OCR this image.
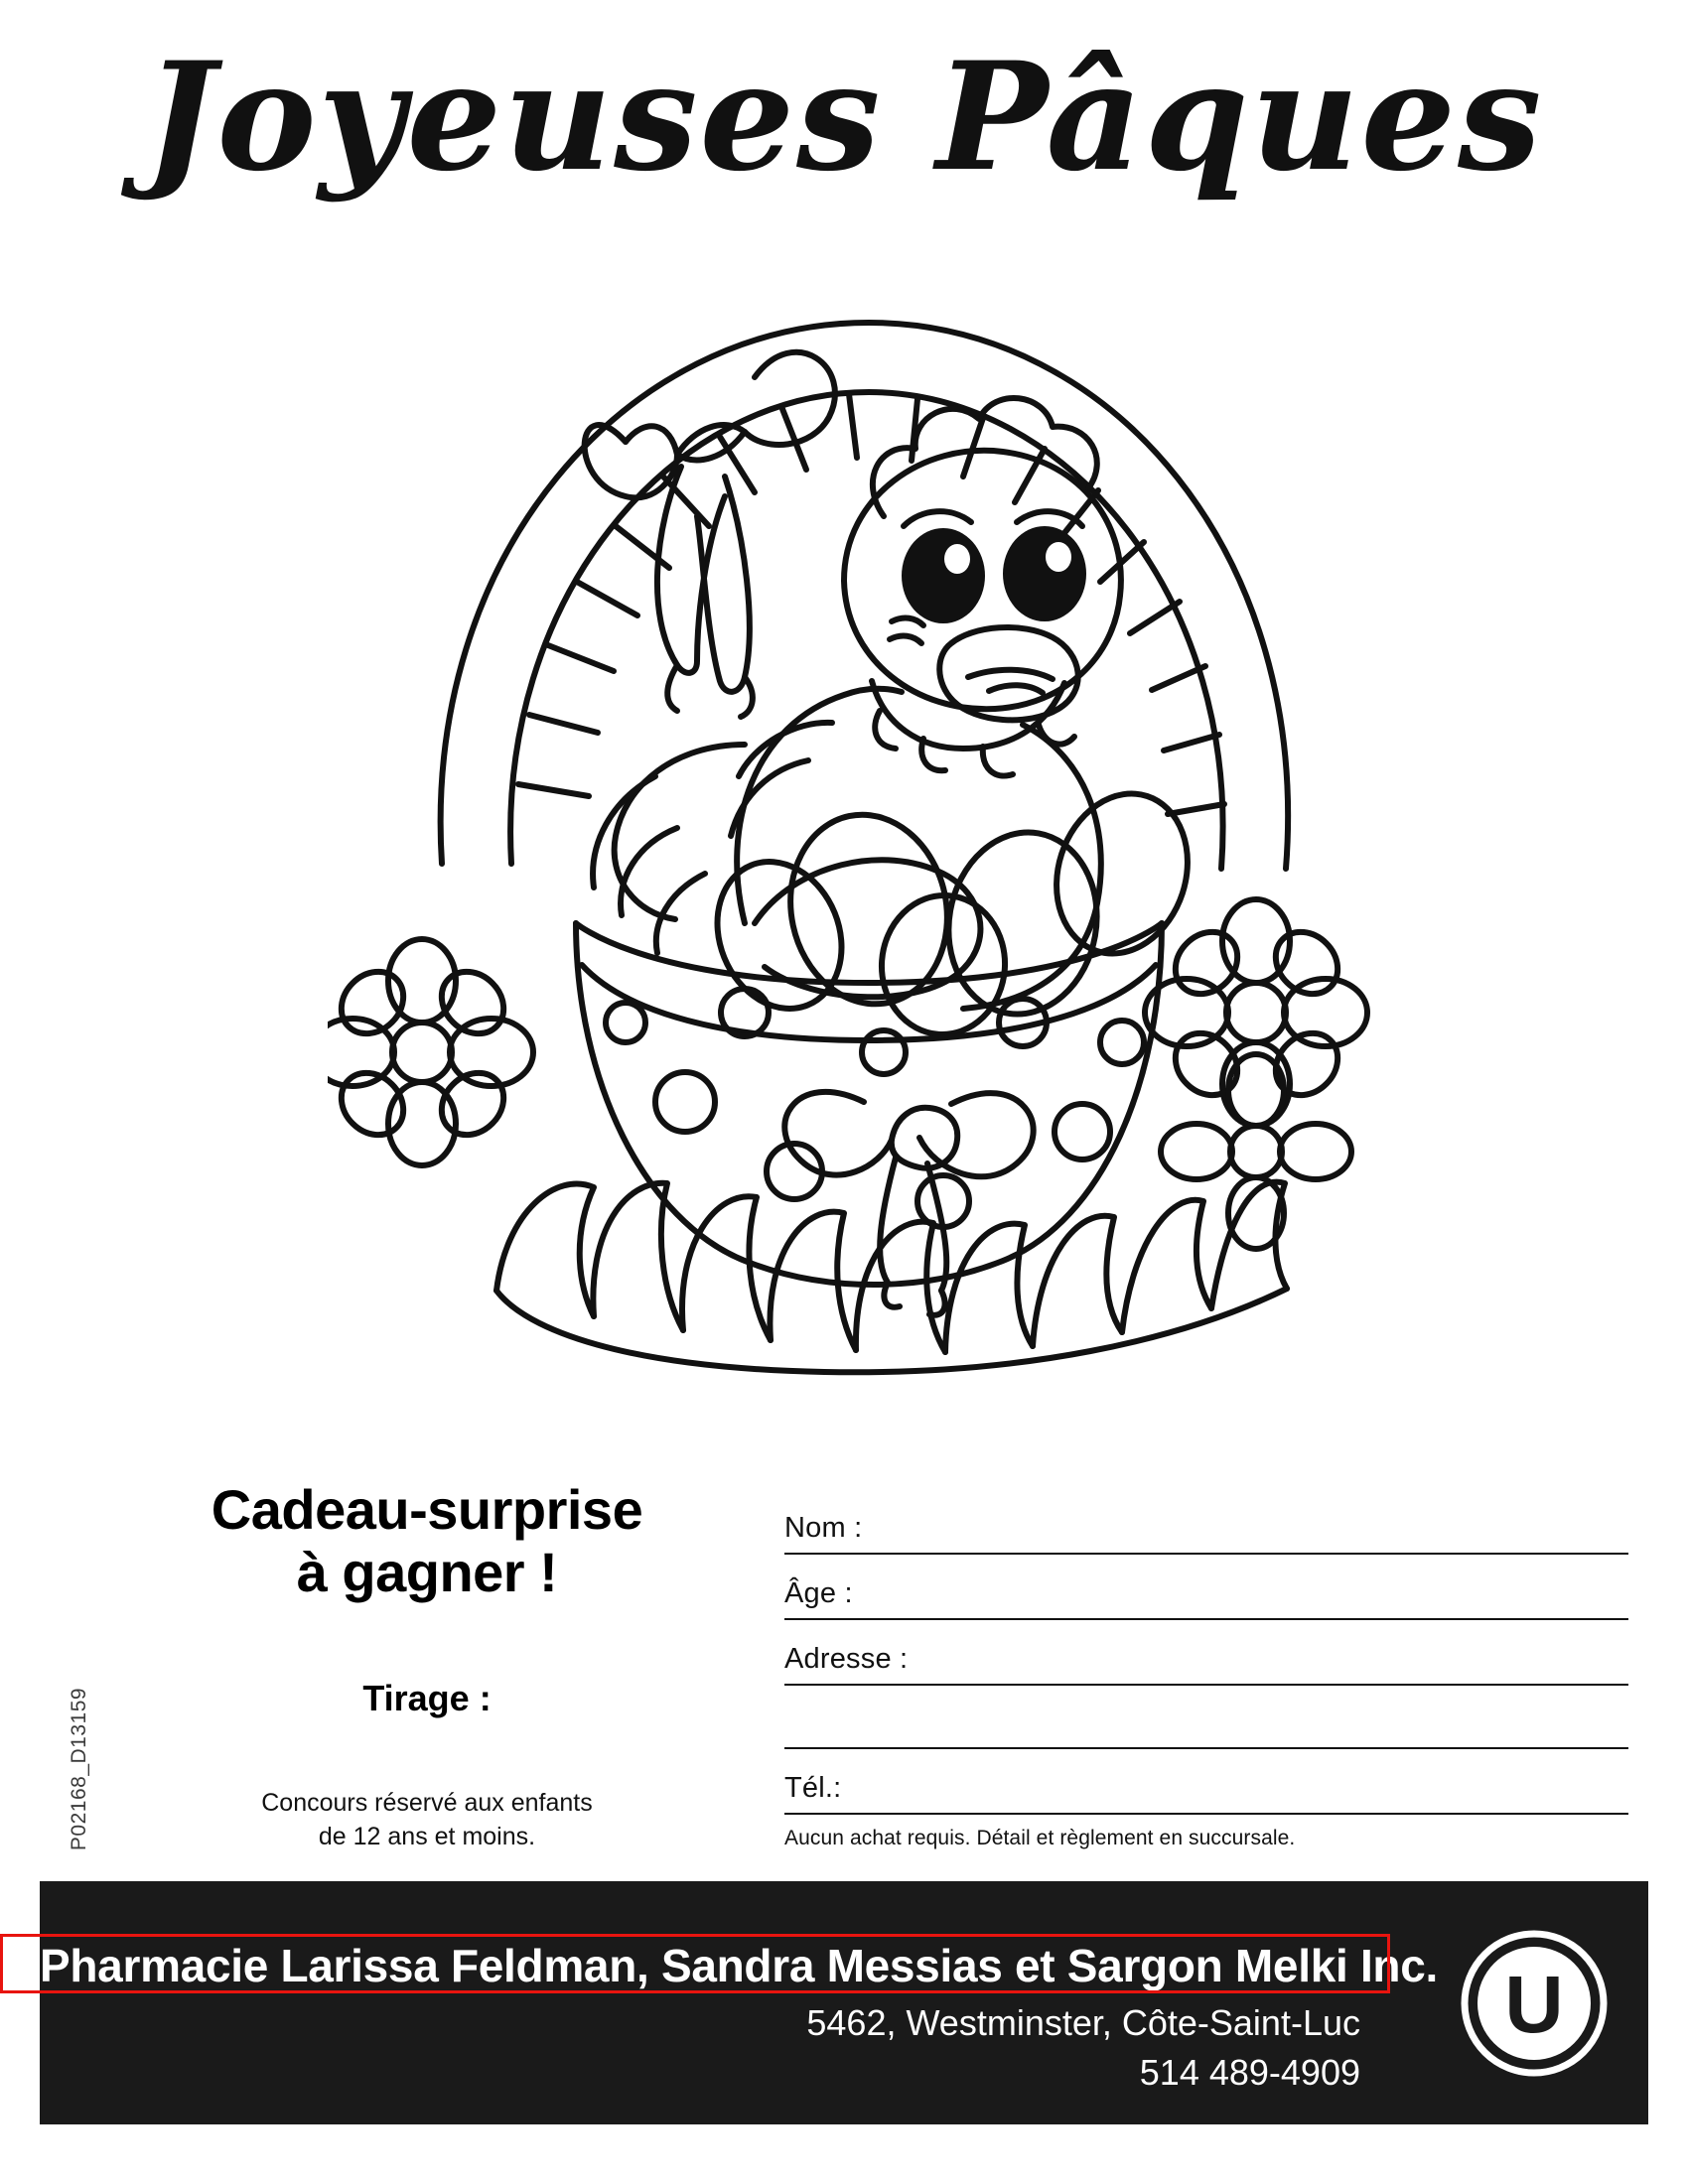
Joyeuses Pâques
Cadeau-surprise
à gagner !
Tirage :
Concours réservé aux enfants
de 12 ans et moins.
P02168_D13159
Nom :
Âge :
Adresse :
Tél.:
Aucun achat requis. Détail et règlement en succursale.
Pharmacie Larissa Feldman, Sandra Messias et Sargon Melki Inc.
5462, Westminster, Côte-Saint-Luc
514 489-4909
U
